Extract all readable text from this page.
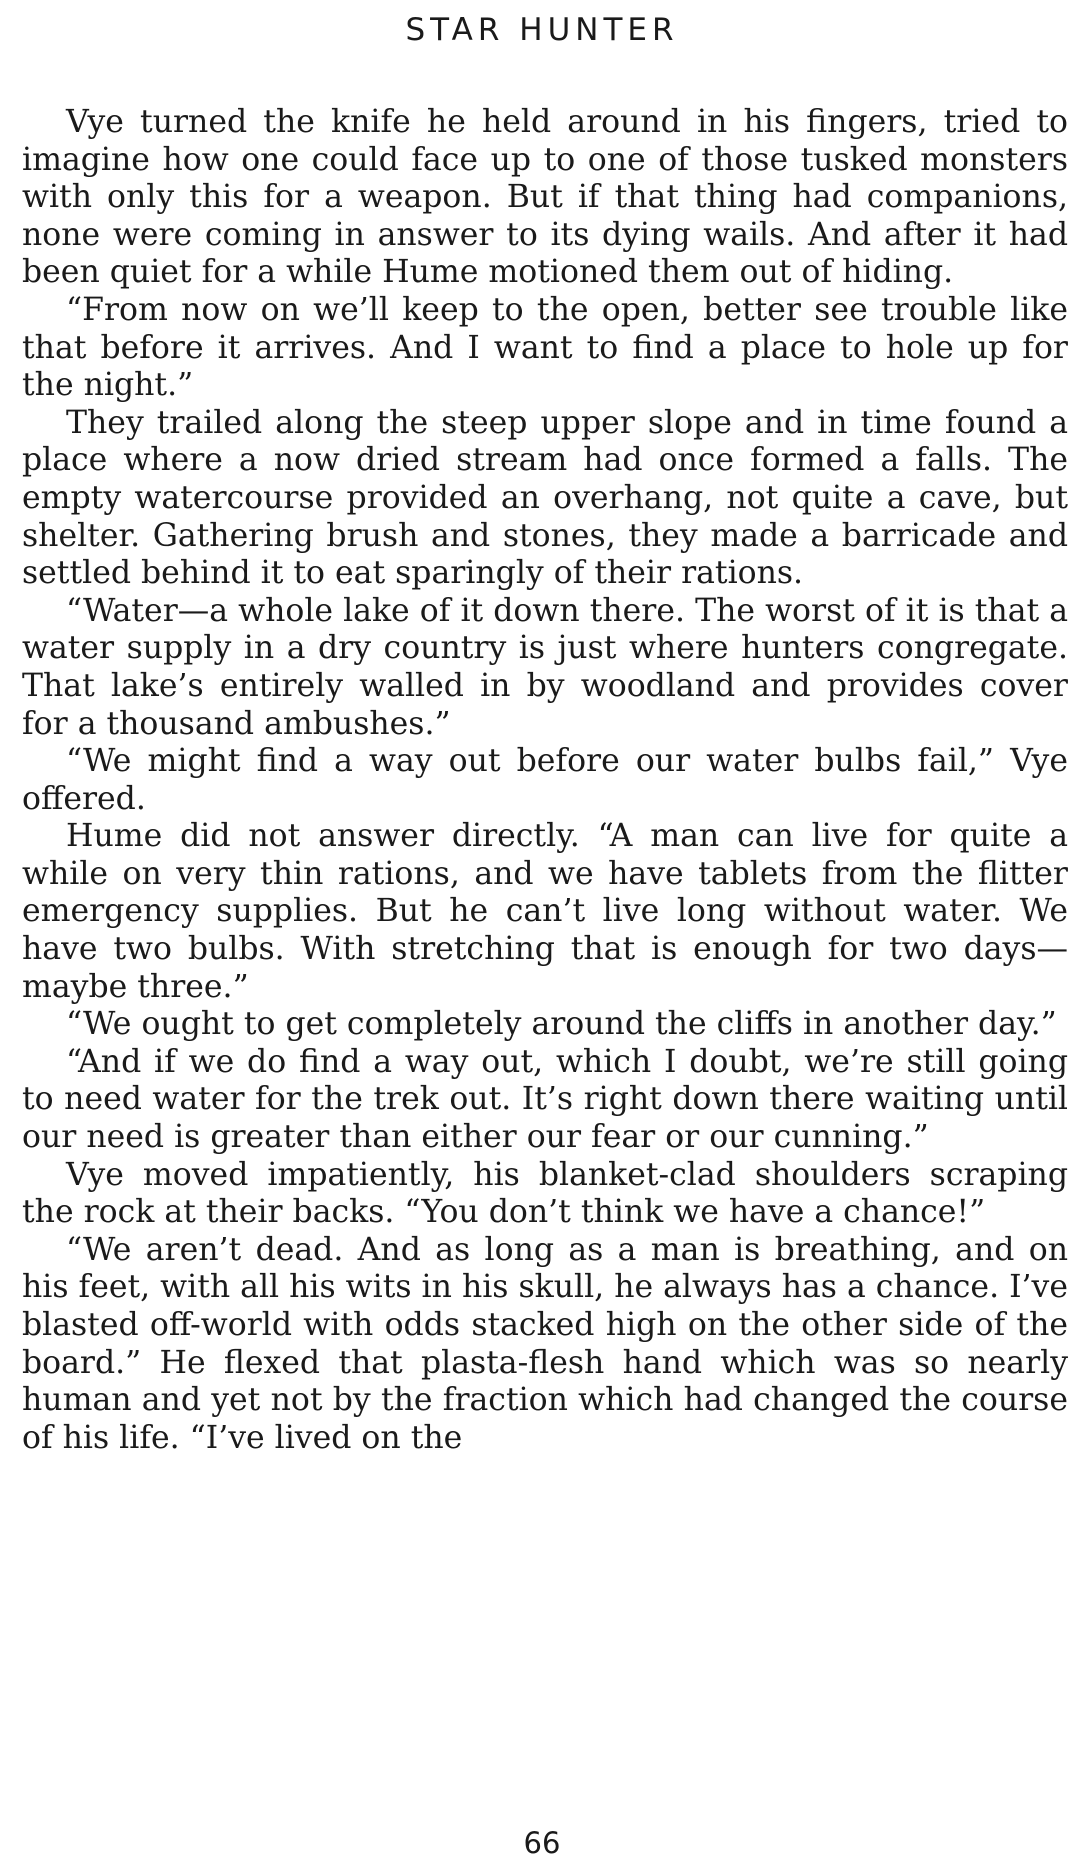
STAR HUNTER

Vye turned the knife he held around in his fingers, tried to imagine how one could face up to one of those tusked monsters with only this for a weapon. But if that thing had companions, none were coming in answer to its dying wails. And after it had been quiet for a while Hume motioned them out of hiding.

“From now on we’ll keep to the open, better see trouble like that before it arrives. And I want to find a place to hole up for the night.”

They trailed along the steep upper slope and in time found a place where a now dried stream had once formed a falls. The empty watercourse provided an overhang, not quite a cave, but shelter. Gathering brush and stones, they made a barricade and settled behind it to eat sparingly of their rations.

“Water—a whole lake of it down there. The worst of it is that a water supply in a dry country is just where hunters congregate. That lake’s entirely walled in by woodland and provides cover for a thousand ambushes.”

“We might find a way out before our water bulbs fail,” Vye offered.

Hume did not answer directly. “A man can live for quite a while on very thin rations, and we have tablets from the flitter emergency supplies. But he can’t live long without water. We have two bulbs. With stretching that is enough for two days—maybe three.”

“We ought to get completely around the cliffs in another day.”

“And if we do find a way out, which I doubt, we’re still going to need water for the trek out. It’s right down there waiting until our need is greater than either our fear or our cunning.”

Vye moved impatiently, his blanket-clad shoulders scraping the rock at their backs. “You don’t think we have a chance!”

“We aren’t dead. And as long as a man is breathing, and on his feet, with all his wits in his skull, he always has a chance. I’ve blasted off-world with odds stacked high on the other side of the board.” He flexed that plasta-flesh hand which was so nearly human and yet not by the fraction which had changed the course of his life. “I’ve lived on the

66
